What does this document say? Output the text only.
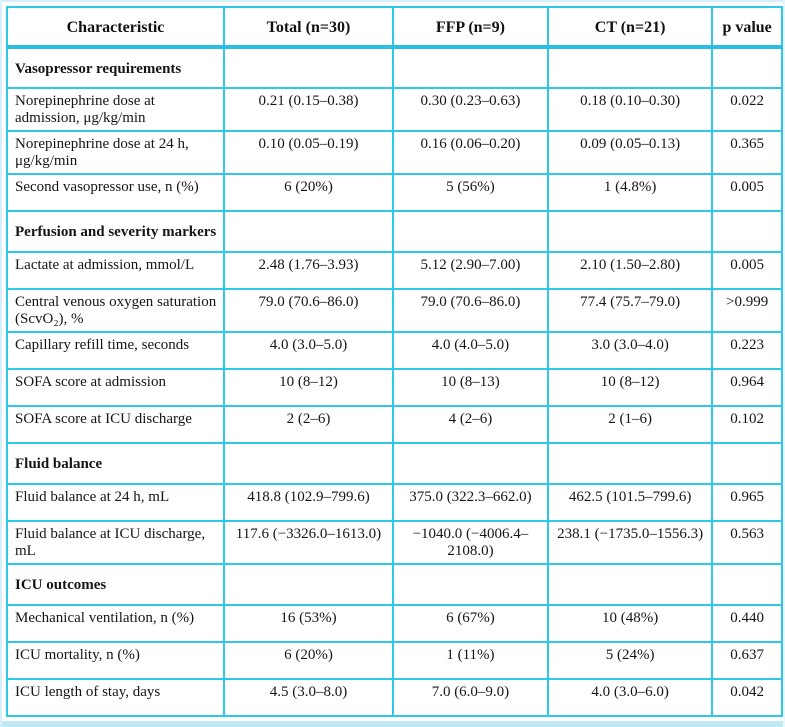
Characteristic	Total (n=30)	FFP (n=9)	CT (n=21)	p value
Vasopressor requirements				
Norepinephrine dose at admission, μg/kg/min	0.21 (0.15–0.38)	0.30 (0.23–0.63)	0.18 (0.10–0.30)	0.022
Norepinephrine dose at 24 h, μg/kg/min	0.10 (0.05–0.19)	0.16 (0.06–0.20)	0.09 (0.05–0.13)	0.365
Second vasopressor use, n (%)	6 (20%)	5 (56%)	1 (4.8%)	0.005
Perfusion and severity markers				
Lactate at admission, mmol/L	2.48 (1.76–3.93)	5.12 (2.90–7.00)	2.10 (1.50–2.80)	0.005
Central venous oxygen saturation (ScvO₂), %	79.0 (70.6–86.0)	79.0 (70.6–86.0)	77.4 (75.7–79.0)	>0.999
Capillary refill time, seconds	4.0 (3.0–5.0)	4.0 (4.0–5.0)	3.0 (3.0–4.0)	0.223
SOFA score at admission	10 (8–12)	10 (8–13)	10 (8–12)	0.964
SOFA score at ICU discharge	2 (2–6)	4 (2–6)	2 (1–6)	0.102
Fluid balance				
Fluid balance at 24 h, mL	418.8 (102.9–799.6)	375.0 (322.3–662.0)	462.5 (101.5–799.6)	0.965
Fluid balance at ICU discharge, mL	117.6 (−3326.0–1613.0)	−1040.0 (−4006.4–2108.0)	238.1 (−1735.0–1556.3)	0.563
ICU outcomes				
Mechanical ventilation, n (%)	16 (53%)	6 (67%)	10 (48%)	0.440
ICU mortality, n (%)	6 (20%)	1 (11%)	5 (24%)	0.637
ICU length of stay, days	4.5 (3.0–8.0)	7.0 (6.0–9.0)	4.0 (3.0–6.0)	0.042
